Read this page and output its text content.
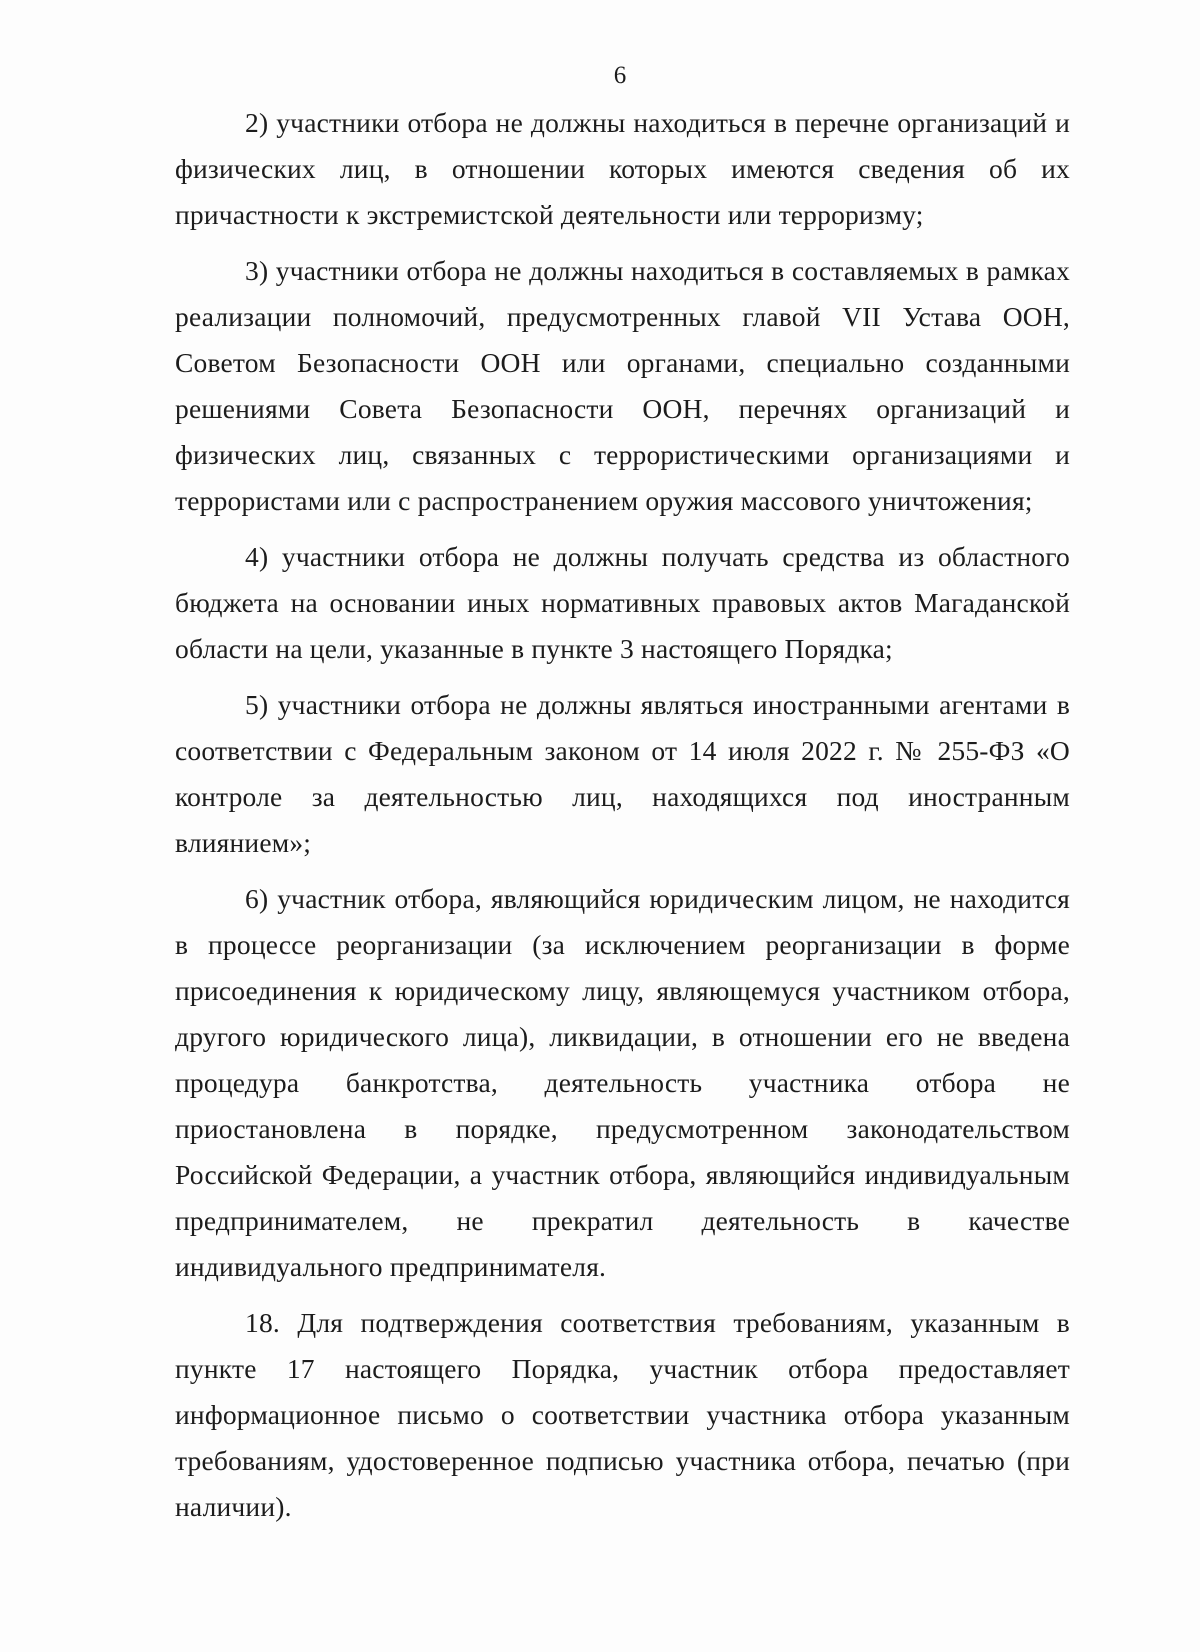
6

2) участники отбора не должны находиться в перечне организаций и физических лиц, в отношении которых имеются сведения об их причастности к экстремистской деятельности или терроризму;

3) участники отбора не должны находиться в составляемых в рамках реализации полномочий, предусмотренных главой VII Устава ООН, Советом Безопасности ООН или органами, специально созданными решениями Совета Безопасности ООН, перечнях организаций и физических лиц, связанных с террористическими организациями и террористами или с распространением оружия массового уничтожения;

4) участники отбора не должны получать средства из областного бюджета на основании иных нормативных правовых актов Магаданской области на цели, указанные в пункте 3 настоящего Порядка;

5) участники отбора не должны являться иностранными агентами в соответствии с Федеральным законом от 14 июля 2022 г. № 255-ФЗ «О контроле за деятельностью лиц, находящихся под иностранным влиянием»;

6) участник отбора, являющийся юридическим лицом, не находится в процессе реорганизации (за исключением реорганизации в форме присоединения к юридическому лицу, являющемуся участником отбора, другого юридического лица), ликвидации, в отношении его не введена процедура банкротства, деятельность участника отбора не приостановлена в порядке, предусмотренном законодательством Российской Федерации, а участник отбора, являющийся индивидуальным предпринимателем, не прекратил деятельность в качестве индивидуального предпринимателя.

18. Для подтверждения соответствия требованиям, указанным в пункте 17 настоящего Порядка, участник отбора предоставляет информационное письмо о соответствии участника отбора указанным требованиям, удостоверенное подписью участника отбора, печатью (при наличии).
